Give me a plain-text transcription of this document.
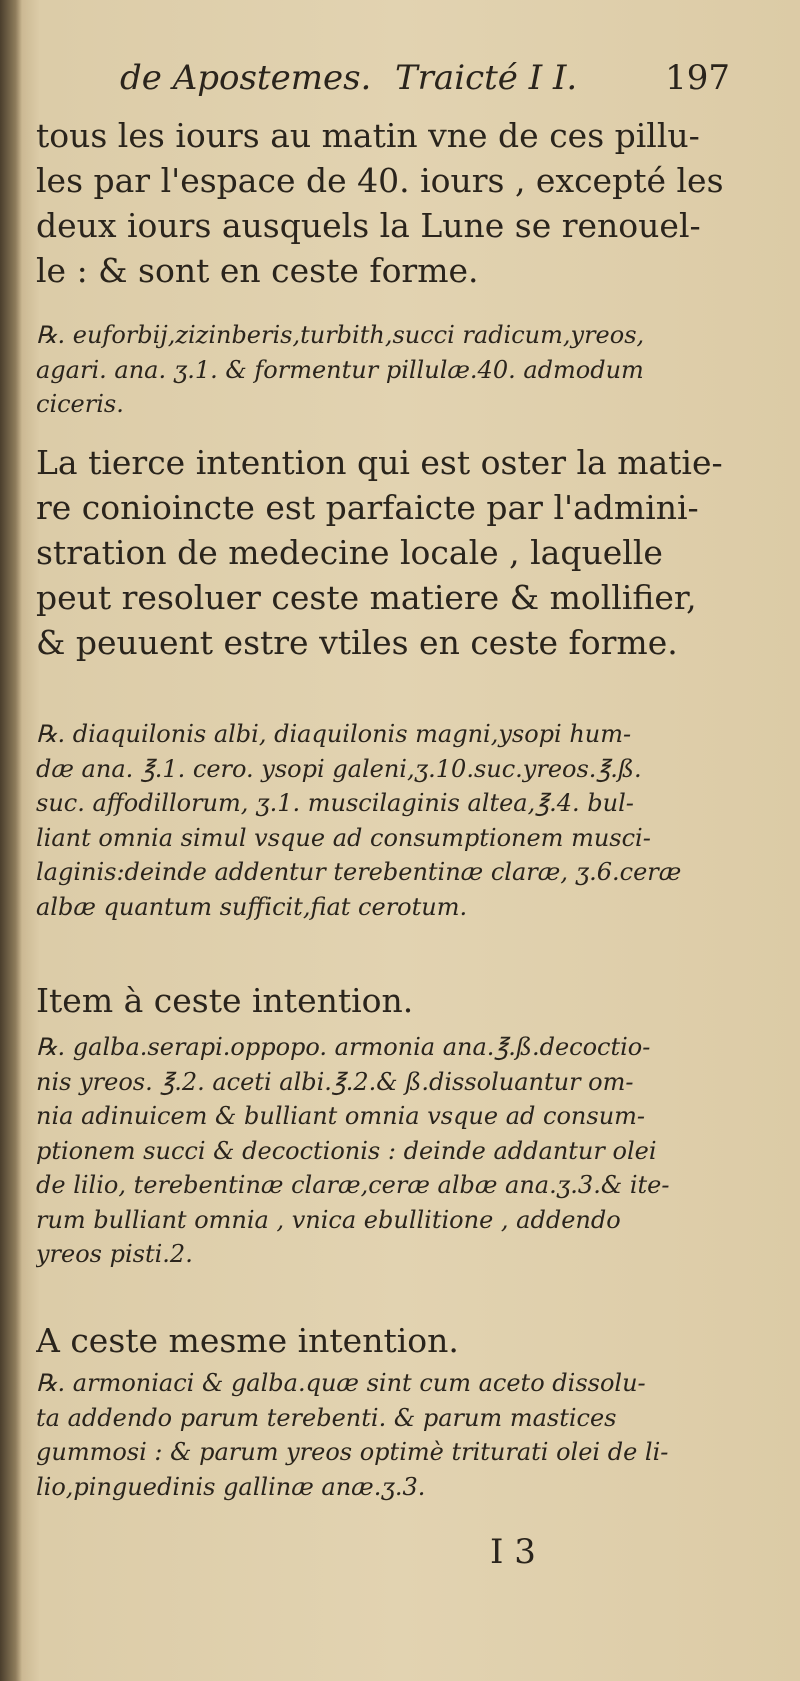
de Apostemes. Traicté I I.	197
tous les iours au matin vne de ces pillu-
les par l'espace de 40. iours , excepté les
deux iours ausquels la Lune se renouel-
le : & sont en ceste forme.
℞. euforbij,zizinberis,turbith,succi radicum,yreos,
agari. ana. ʒ.1. & formentur pillulæ.40. admodum
ciceris.
La tierce intention qui est oster la matie-
re conioincte est parfaicte par l'admini-
stration de medecine locale , laquelle
peut resoluer ceste matiere & mollifier,
& peuuent estre vtiles en ceste forme.
℞. diaquilonis albi, diaquilonis magni,ysopi hum-
dæ ana. ℥.1. cero. ysopi galeni,ʒ.10.suc.yreos.℥.ß.
suc. affodillorum, ʒ.1. muscilaginis altea,℥.4. bul-
liant omnia simul vsque ad consumptionem musci-
laginis:deinde addentur terebentinæ claræ, ʒ.6.ceræ
albæ quantum sufficit,fiat cerotum.
Item à ceste intention.
℞. galba.serapi.oppopo. armonia ana.℥.ß.decoctio-
nis yreos. ℥.2. aceti albi.℥.2.& ß.dissoluantur om-
nia adinuicem & bulliant omnia vsque ad consum-
ptionem succi & decoctionis : deinde addantur olei
de lilio, terebentinæ claræ,ceræ albæ ana.ʒ.3.& ite-
rum bulliant omnia , vnica ebullitione , addendo
yreos pisti.2.
A ceste mesme intention.
℞. armoniaci & galba.quæ sint cum aceto dissolu-
ta addendo parum terebenti. & parum mastices
gummosi : & parum yreos optimè triturati olei de li-
lio,pinguedinis gallinæ anæ.ʒ.3.
I 3
